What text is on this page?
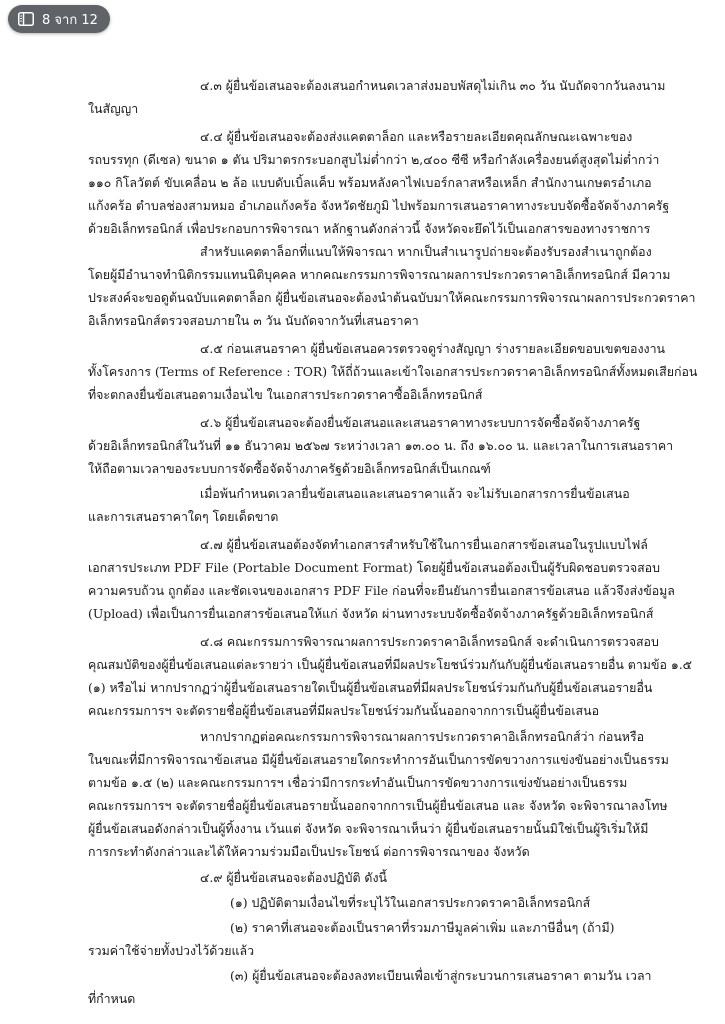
๔.๓ ผู้ยื่นข้อเสนอจะต้องเสนอกำหนดเวลาส่งมอบพัสดุไม่เกิน ๓๐ วัน นับถัดจากวันลงนาม
ในสัญญา
๔.๔ ผู้ยื่นข้อเสนอจะต้องส่งแคตตาล็อก และหรือรายละเอียดคุณลักษณะเฉพาะของ
รถบรรทุก (ดีเซล) ขนาด ๑ ตัน ปริมาตรกระบอกสูบไม่ต่ำกว่า ๒,๔๐๐ ซีซี หรือกำลังเครื่องยนต์สูงสุดไม่ต่ำกว่า
๑๑๐ กิโลวัตต์ ขับเคลื่อน ๒ ล้อ แบบดับเบิ้ลแค็บ พร้อมหลังคาไฟเบอร์กลาสหรือเหล็ก สำนักงานเกษตรอำเภอ
แก้งคร้อ ตำบลช่องสามหมอ อำเภอแก้งคร้อ จังหวัดชัยภูมิ ไปพร้อมการเสนอราคาทางระบบจัดซื้อจัดจ้างภาครัฐ
ด้วยอิเล็กทรอนิกส์ เพื่อประกอบการพิจารณา หลักฐานดังกล่าวนี้ จังหวัดจะยึดไว้เป็นเอกสารของทางราชการ
สำหรับแคตตาล็อกที่แนบให้พิจารณา หากเป็นสำเนารูปถ่ายจะต้องรับรองสำเนาถูกต้อง
โดยผู้มีอำนาจทำนิติกรรมแทนนิติบุคคล หากคณะกรรมการพิจารณาผลการประกวดราคาอิเล็กทรอนิกส์ มีความ
ประสงค์จะขอดูต้นฉบับแคตตาล็อก ผู้ยื่นข้อเสนอจะต้องนำต้นฉบับมาให้คณะกรรมการพิจารณาผลการประกวดราคา
อิเล็กทรอนิกส์ตรวจสอบภายใน ๓ วัน นับถัดจากวันที่เสนอราคา
๔.๕ ก่อนเสนอราคา ผู้ยื่นข้อเสนอควรตรวจดูร่างสัญญา ร่างรายละเอียดขอบเขตของงาน
ทั้งโครงการ (Terms of Reference : TOR) ให้ถี่ถ้วนและเข้าใจเอกสารประกวดราคาอิเล็กทรอนิกส์ทั้งหมดเสียก่อน
ที่จะตกลงยื่นข้อเสนอตามเงื่อนไข ในเอกสารประกวดราคาซื้ออิเล็กทรอนิกส์
๔.๖ ผู้ยื่นข้อเสนอจะต้องยื่นข้อเสนอและเสนอราคาทางระบบการจัดซื้อจัดจ้างภาครัฐ
ด้วยอิเล็กทรอนิกส์ในวันที่ ๑๑ ธันวาคม ๒๕๖๗ ระหว่างเวลา ๑๓.๐๐ น. ถึง ๑๖.๐๐ น. และเวลาในการเสนอราคา
ให้ถือตามเวลาของระบบการจัดซื้อจัดจ้างภาครัฐด้วยอิเล็กทรอนิกส์เป็นเกณฑ์
เมื่อพ้นกำหนดเวลายื่นข้อเสนอและเสนอราคาแล้ว จะไม่รับเอกสารการยื่นข้อเสนอ
และการเสนอราคาใดๆ โดยเด็ดขาด
๔.๗ ผู้ยื่นข้อเสนอต้องจัดทำเอกสารสำหรับใช้ในการยื่นเอกสารข้อเสนอในรูปแบบไฟล์
เอกสารประเภท PDF File (Portable Document Format) โดยผู้ยื่นข้อเสนอต้องเป็นผู้รับผิดชอบตรวจสอบ
ความครบถ้วน ถูกต้อง และชัดเจนของเอกสาร PDF File ก่อนที่จะยืนยันการยื่นเอกสารข้อเสนอ แล้วจึงส่งข้อมูล
(Upload) เพื่อเป็นการยื่นเอกสารข้อเสนอให้แก่ จังหวัด ผ่านทางระบบจัดซื้อจัดจ้างภาครัฐด้วยอิเล็กทรอนิกส์
๔.๘ คณะกรรมการพิจารณาผลการประกวดราคาอิเล็กทรอนิกส์ จะดำเนินการตรวจสอบ
คุณสมบัติของผู้ยื่นข้อเสนอแต่ละรายว่า เป็นผู้ยื่นข้อเสนอที่มีผลประโยชน์ร่วมกันกับผู้ยื่นข้อเสนอรายอื่น ตามข้อ ๑.๕
(๑) หรือไม่ หากปรากฏว่าผู้ยื่นข้อเสนอรายใดเป็นผู้ยื่นข้อเสนอที่มีผลประโยชน์ร่วมกันกับผู้ยื่นข้อเสนอรายอื่น
คณะกรรมการฯ จะตัดรายชื่อผู้ยื่นข้อเสนอที่มีผลประโยชน์ร่วมกันนั้นออกจากการเป็นผู้ยื่นข้อเสนอ
หากปรากฏต่อคณะกรรมการพิจารณาผลการประกวดราคาอิเล็กทรอนิกส์ว่า ก่อนหรือ
ในขณะที่มีการพิจารณาข้อเสนอ มีผู้ยื่นข้อเสนอรายใดกระทำการอันเป็นการขัดขวางการแข่งขันอย่างเป็นธรรม
ตามข้อ ๑.๕ (๒) และคณะกรรมการฯ เชื่อว่ามีการกระทำอันเป็นการขัดขวางการแข่งขันอย่างเป็นธรรม
คณะกรรมการฯ จะตัดรายชื่อผู้ยื่นข้อเสนอรายนั้นออกจากการเป็นผู้ยื่นข้อเสนอ และ จังหวัด จะพิจารณาลงโทษ
ผู้ยื่นข้อเสนอดังกล่าวเป็นผู้ทิ้งงาน เว้นแต่ จังหวัด จะพิจารณาเห็นว่า ผู้ยื่นข้อเสนอรายนั้นมิใช่เป็นผู้ริเริ่มให้มี
การกระทำดังกล่าวและได้ให้ความร่วมมือเป็นประโยชน์ ต่อการพิจารณาของ จังหวัด
๔.๙ ผู้ยื่นข้อเสนอจะต้องปฏิบัติ ดังนี้
(๑) ปฏิบัติตามเงื่อนไขที่ระบุไว้ในเอกสารประกวดราคาอิเล็กทรอนิกส์
(๒) ราคาที่เสนอจะต้องเป็นราคาที่รวมภาษีมูลค่าเพิ่ม และภาษีอื่นๆ (ถ้ามี)
รวมค่าใช้จ่ายทั้งปวงไว้ด้วยแล้ว
(๓) ผู้ยื่นข้อเสนอจะต้องลงทะเบียนเพื่อเข้าสู่กระบวนการเสนอราคา ตามวัน เวลา
ที่กำหนด
8 จาก 12
